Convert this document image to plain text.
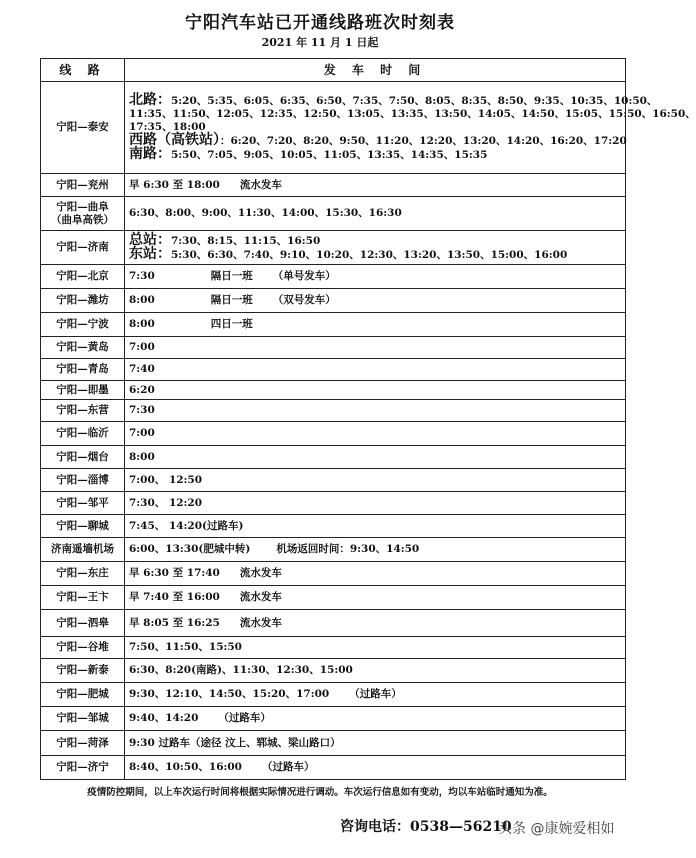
宁阳汽车站已开通线路班次时刻表
2021 年 11 月 1 日起
线 路	发 车 时 间
宁阳—泰安	北路：5:20、5:35、6:05、6:35、6:50、7:35、7:50、8:05、8:35、8:50、9:35、10:35、10:50、
11:35、11:50、12:05、12:35、12:50、13:05、13:35、13:50、14:05、14:50、15:05、15:50、16:50、
17:35、18:00
西路（高铁站）：6:20、7:20、8:20、9:50、11:20、12:20、13:20、14:20、16:20、17:20
南路：5:50、7:05、9:05、10:05、11:05、13:35、14:35、15:35

宁阳—兖州	早 6:30 至 18:00 流水发车

宁阳—曲阜
（曲阜高铁）	6:30、8:00、9:00、11:30、14:00、15:30、16:30
宁阳—济南	总站：7:30、8:15、11:15、16:50
东站：5:30、6:30、7:40、9:10、10:20、12:30、13:20、13:50、15:00、16:00

宁阳—北京	7:30 隔日一班 （单号发车）
宁阳—潍坊	8:00 隔日一班 （双号发车）
宁阳—宁波	8:00 四日一班
宁阳—黄岛	7:00
宁阳—青岛	7:40
宁阳—即墨	6:20
宁阳—东营	7:30
宁阳—临沂	7:00
宁阳—烟台	8:00
宁阳—淄博	7:00、 12:50
宁阳—邹平	7:30、 12:20
宁阳—聊城	7:45、 14:20(过路车)
济南遥墙机场	6:00、13:30(肥城中转) 机场返回时间：9:30、14:50
宁阳—东庄	早 6:30 至 17:40 流水发车
宁阳—王卞	早 7:40 至 16:00 流水发车
宁阳—泗皋	早 8:05 至 16:25 流水发车
宁阳—谷堆	7:50、11:50、15:50
宁阳—新泰	6:30、8:20(南路)、11:30、12:30、15:00
宁阳—肥城	9:30、12:10、14:50、15:20、17:00 （过路车）
宁阳—邹城	9:40、14:20 （过路车）
宁阳—菏泽	9:30 过路车（途径 汶上、郓城、梁山路口）
宁阳—济宁	8:40、10:50、16:00 （过路车）
疫情防控期间，以上车次运行时间将根据实际情况进行调动。车次运行信息如有变动，均以车站临时通知为准。
咨询电话：0538—56210
头条 @康婉爱相如
